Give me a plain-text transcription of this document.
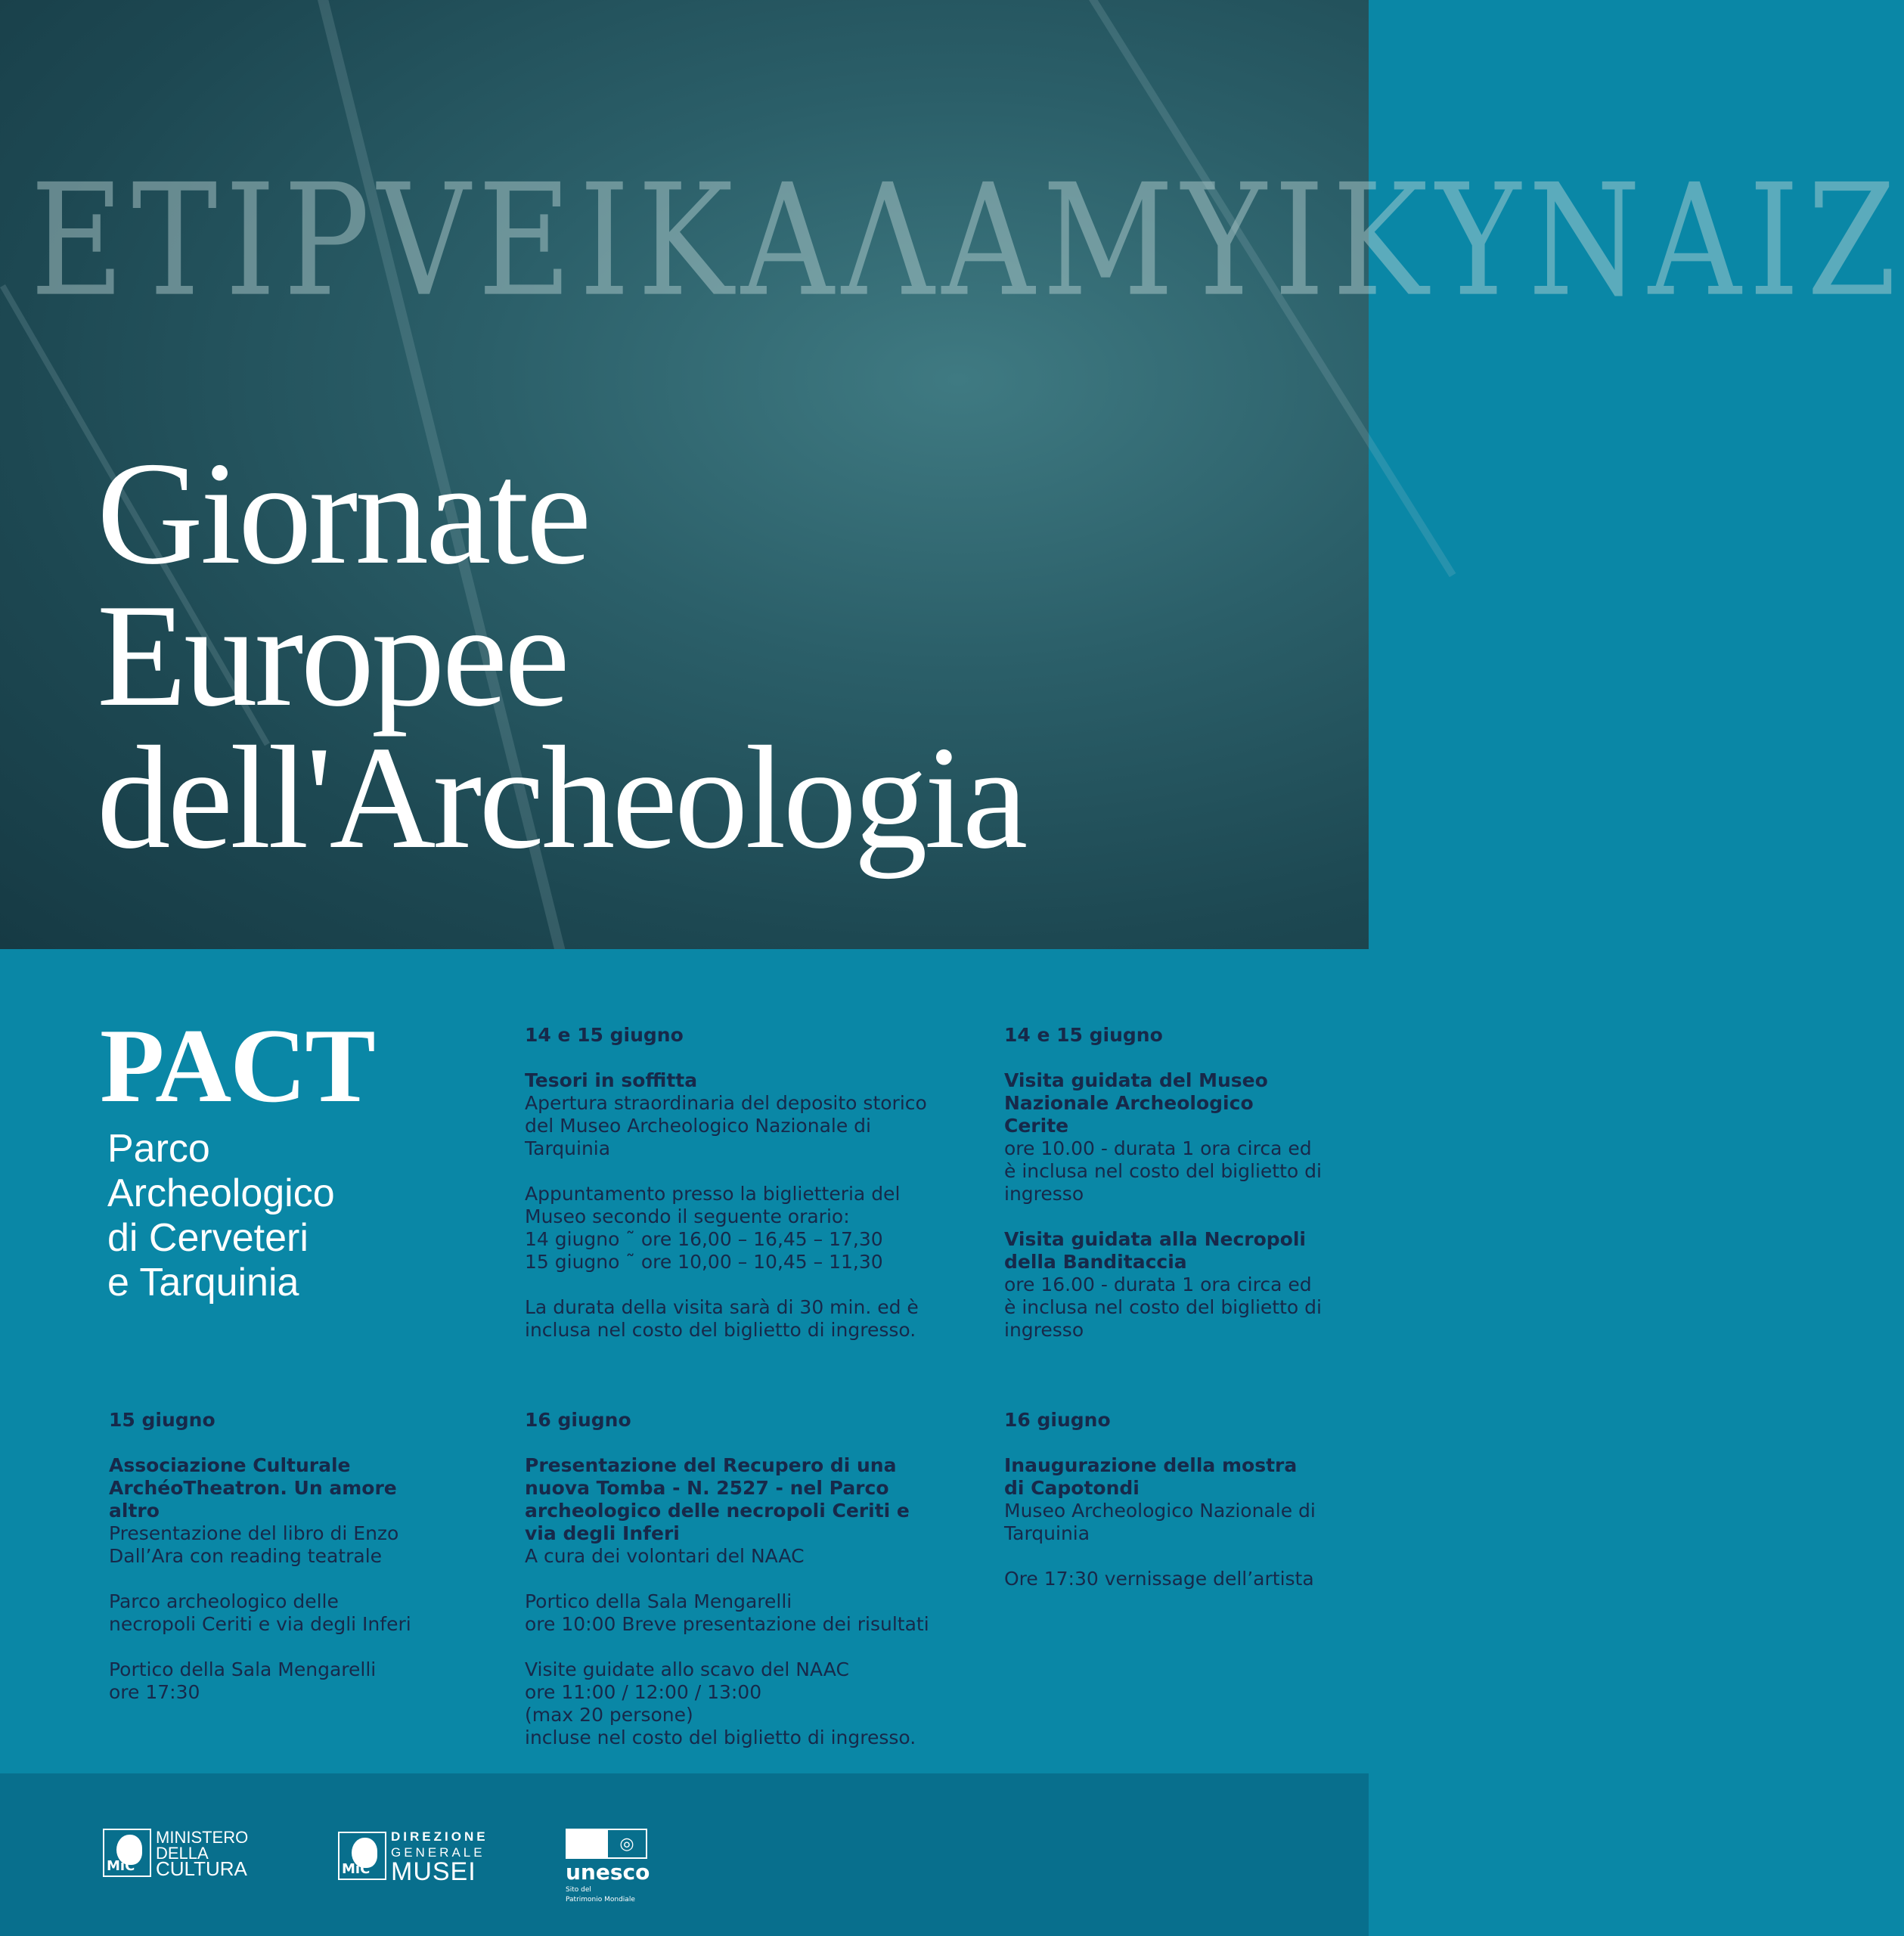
ΕΤΙΡVΕΙΚΑΛΑΜΥΙΚΥΝΑΙΖ
Giornate
Europee
dell'Archeologia
PACT
Parco
Archeologico
di Cerveteri
e Tarquinia
14 e 15 giugno
Tesori in soffitta

Apertura straordinaria del deposito storico del Museo Archeologico Nazionale di Tarquinia

Appuntamento presso la biglietteria del Museo secondo il seguente orario:
14 giugno ˜ ore 16,00 – 16,45 – 17,30
15 giugno ˜ ore 10,00 – 10,45 – 11,30

La durata della visita sarà di 30 min. ed è inclusa nel costo del biglietto di ingresso.

14 e 15 giugno
Visita guidata del Museo Nazionale Archeologico Cerite

ore 10.00 - durata 1 ora circa ed è inclusa nel costo del biglietto di ingresso

Visita guidata alla Necropoli della Banditaccia

ore 16.00 - durata 1 ora circa ed è inclusa nel costo del biglietto di ingresso

15 giugno
Associazione Culturale ArchéoTheatron. Un amore altro

Presentazione del libro di Enzo Dall’Ara con reading teatrale

Parco archeologico delle necropoli Ceriti e via degli Inferi

Portico della Sala Mengarelli
ore 17:30

16 giugno
Presentazione del Recupero di una nuova Tomba - N. 2527 - nel Parco archeologico delle necropoli Ceriti e via degli Inferi

A cura dei volontari del NAAC

Portico della Sala Mengarelli
ore 10:00 Breve presentazione dei risultati

Visite guidate allo scavo del NAAC
ore 11:00 / 12:00 / 13:00
(max 20 persone)
incluse nel costo del biglietto di ingresso.

16 giugno
Inaugurazione della mostra di Capotondi

Museo Archeologico Nazionale di Tarquinia

Ore 17:30 vernissage dell’artista

MiC
MINISTERO
DELLA
CULTURA	MiC
DIREZIONE
GENERALE
MUSEI
◎
unesco
Sito del
Patrimonio Mondiale
